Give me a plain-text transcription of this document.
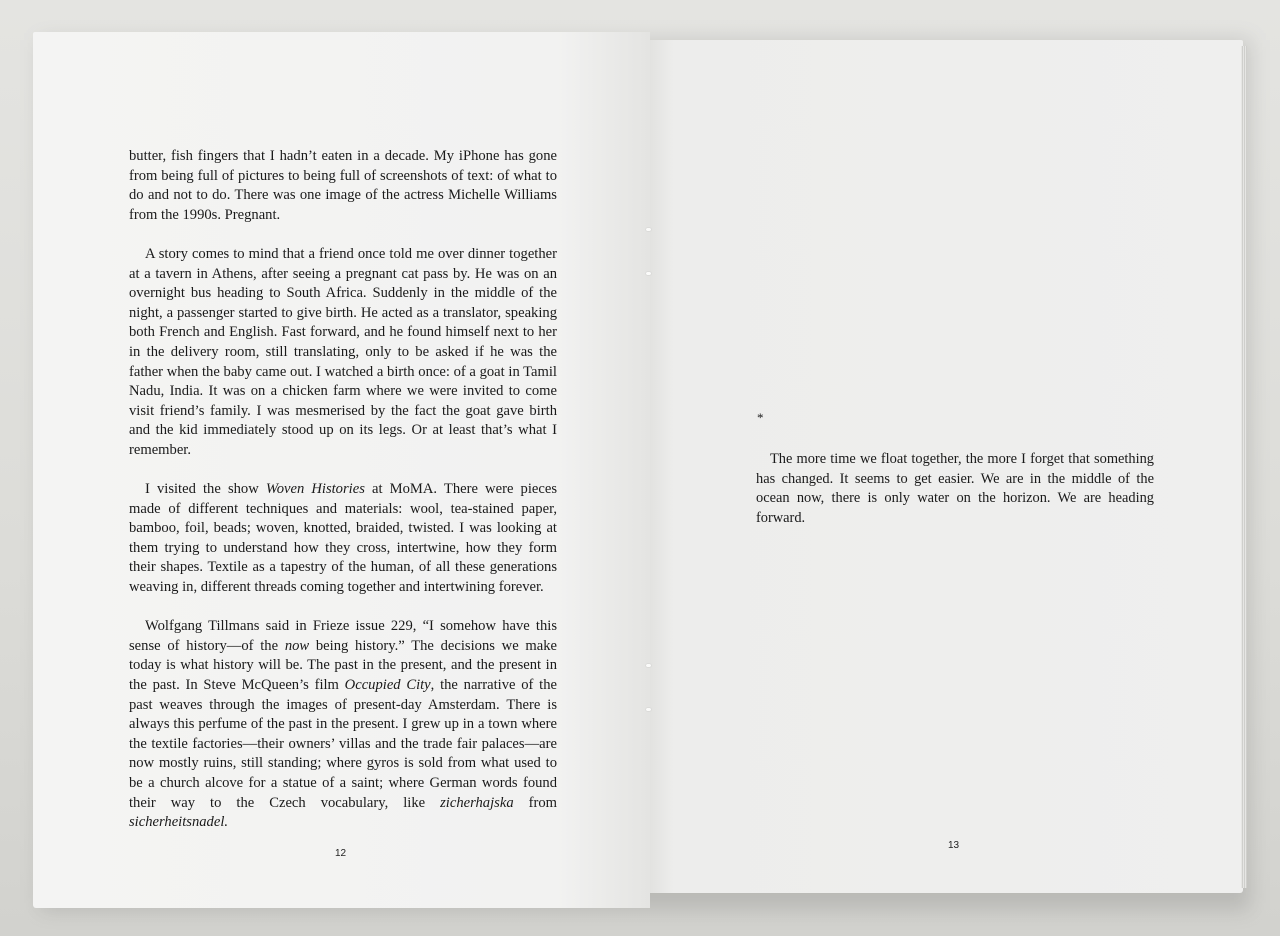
butter, fish fingers that I hadn’t eaten in a decade. My iPhone has gone from being full of pictures to being full of screenshots of text: of what to do and not to do. There was one image of the actress Michelle Williams from the 1990s. Pregnant.

A story comes to mind that a friend once told me over dinner together at a tavern in Athens, after seeing a pregnant cat pass by. He was on an overnight bus heading to South Africa. Suddenly in the middle of the night, a passenger started to give birth. He acted as a translator, speaking both French and English. Fast forward, and he found himself next to her in the delivery room, still translating, only to be asked if he was the father when the baby came out. I watched a birth once: of a goat in Tamil Nadu, India. It was on a chicken farm where we were invited to come visit friend’s family. I was mesmerised by the fact the goat gave birth and the kid immediately stood up on its legs. Or at least that’s what I remember.

I visited the show Woven Histories at MoMA. There were pieces made of different techniques and materials: wool, tea-stained paper, bamboo, foil, beads; woven, knotted, braided, twisted. I was looking at them trying to understand how they cross, intertwine, how they form their shapes. Textile as a tapestry of the human, of all these generations weaving in, different threads coming together and intertwining forever.

Wolfgang Tillmans said in Frieze issue 229, “I somehow have this sense of history—of the now being history.” The decisions we make today is what history will be. The past in the present, and the present in the past. In Steve McQueen’s film Occupied City, the narrative of the past weaves through the images of present-day Amsterdam. There is always this perfume of the past in the present. I grew up in a town where the textile factories—their owners’ villas and the trade fair palaces—are now mostly ruins, still standing; where gyros is sold from what used to be a church alcove for a statue of a saint; where German words found their way to the Czech vocabulary, like zicherhajska from sicherheitsnadel.

12
*

The more time we float together, the more I forget that something has changed. It seems to get easier. We are in the middle of the ocean now, there is only water on the horizon. We are heading forward.

13
